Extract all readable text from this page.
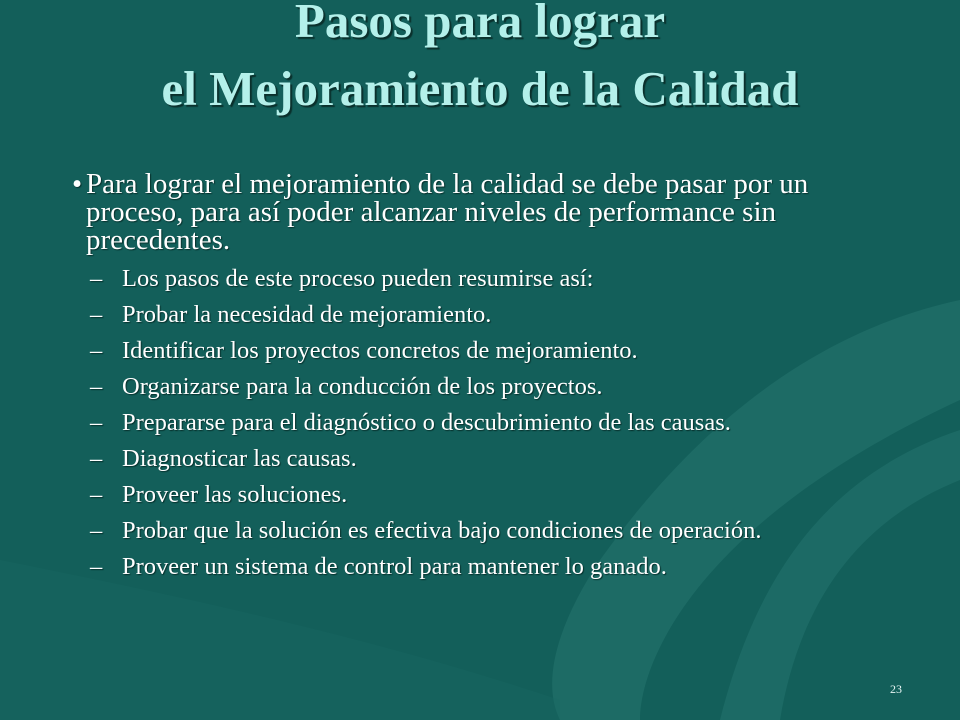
Pasos para lograr
el Mejoramiento de la Calidad
• Para lograr el mejoramiento de la calidad se debe pasar por un proceso, para así poder alcanzar niveles de performance sin precedentes.
– Los pasos de este proceso pueden resumirse así:
– Probar la necesidad de mejoramiento.
– Identificar los proyectos concretos de mejoramiento.
– Organizarse para la conducción de los proyectos.
– Prepararse para el diagnóstico o descubrimiento de las causas.
– Diagnosticar las causas.
– Proveer las soluciones.
– Probar que la solución es efectiva bajo condiciones de operación.
– Proveer un sistema de control para mantener lo ganado.
23
